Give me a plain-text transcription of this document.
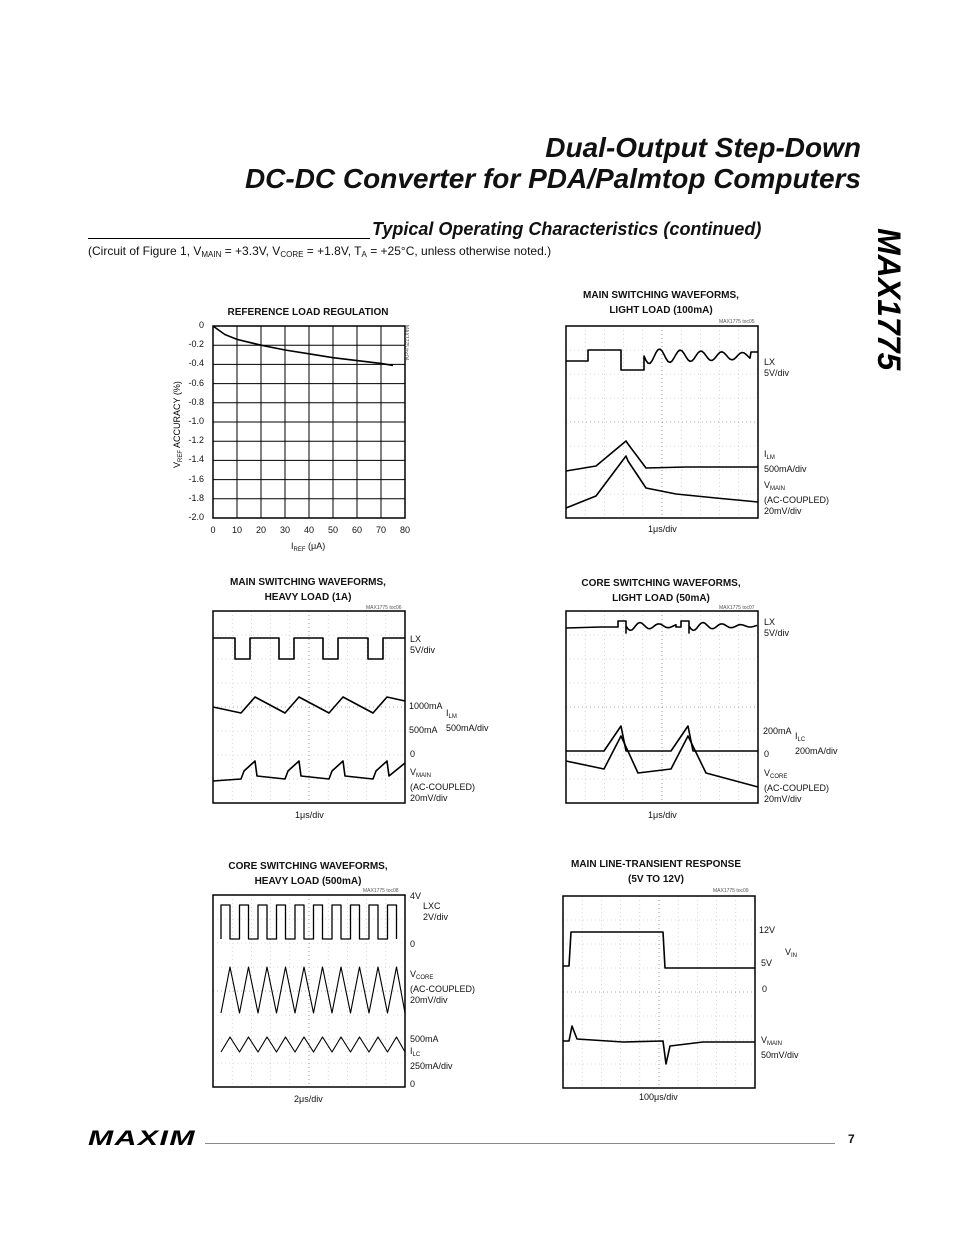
Dual-Output Step-Down
DC-DC Converter for PDA/Palmtop Computers
MAX1775
Typical Operating Characteristics (continued)
(Circuit of Figure 1, $V_{MAIN} = +3.3V$, $V_{CORE} = +1.8V$, $T_A = +25^\circ C$, unless otherwise noted.)
REFERENCE LOAD REGULATION
0
-0.2
-0.4
-0.6
-0.8
-1.0
-1.2
-1.4
-1.6
-1.8
-2.0
0	10 20 30 40 50 60 70 80
MAX1775 toc04
$V_{REF}$ ACCURACY (%)
$I_{REF}$ (μA)
MAIN SWITCHING WAVEFORMS,
LIGHT LOAD (100mA)
MAX1775 toc05
LX
5V/div
$I_{LM}$
500mA/div
$V_{MAIN}$
(AC-COUPLED)
20mV/div
1μs/div
MAIN SWITCHING WAVEFORMS,
HEAVY LOAD (1A)
MAX1775 toc06
LX
5V/div
1000mA
500mA
0
$I_{LM}$
500mA/div
$V_{MAIN}$
(AC-COUPLED)
20mV/div
1μs/div
CORE SWITCHING WAVEFORMS,
LIGHT LOAD (50mA)
MAX1775 toc07
LX
5V/div
200mA
0
$I_{LC}$
200mA/div
$V_{CORE}$
(AC-COUPLED)
20mV/div
1μs/div
CORE SWITCHING WAVEFORMS,
HEAVY LOAD (500mA)
MAX1775 toc08 4V
LXC
2V/div
0
$V_{CORE}$
(AC-COUPLED)
20mV/div
500mA
$I_{LC}$
250mA/div
0
2μs/div
MAIN LINE-TRANSIENT RESPONSE
(5V TO 12V)
MAX1775 toc09
12V
$V_{IN}$
5V
0
$V_{MAIN}$
50mV/div
100μs/div
MAXIM	7
